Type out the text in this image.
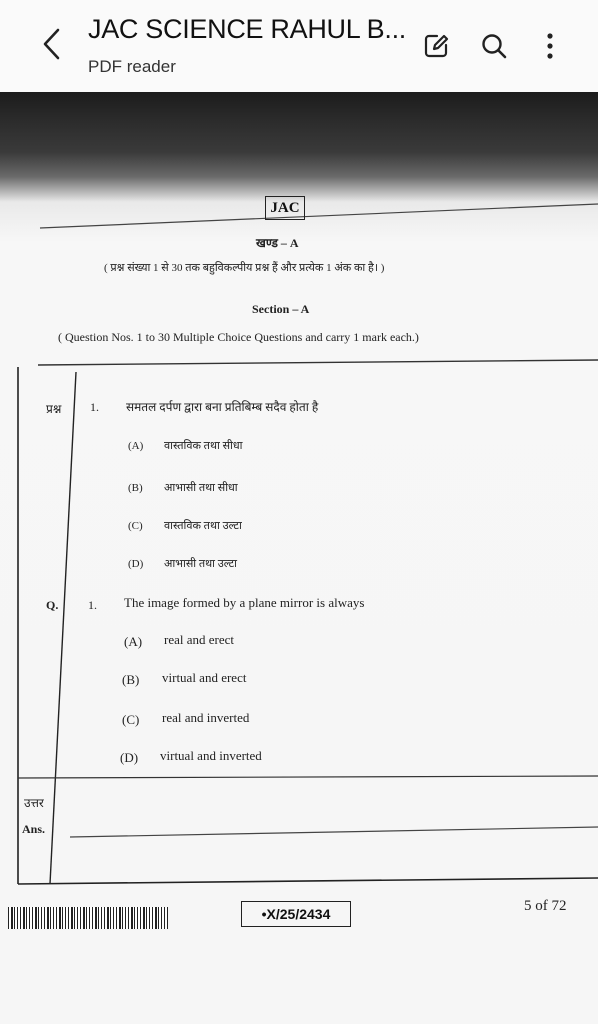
JAC SCIENCE RAHUL B...
PDF reader
JAC
खण्ड – A
( प्रश्न संख्या 1 से 30 तक बहुविकल्पीय प्रश्न हैं और प्रत्येक 1 अंक का है। )
Section – A
( Question Nos. 1 to 30 Multiple Choice Questions and carry 1 mark each.)
प्रश्न 1. समतल दर्पण द्वारा बना प्रतिबिम्ब सदैव होता है
(A) वास्तविक तथा सीधा
(B) आभासी तथा सीधा
(C) वास्तविक तथा उल्टा
(D) आभासी तथा उल्टा
Q. 1. The image formed by a plane mirror is always
(A) real and erect
(B) virtual and erect
(C) real and inverted
(D) virtual and inverted
उत्तर
Ans.
•X/25/2434	5 of 72
